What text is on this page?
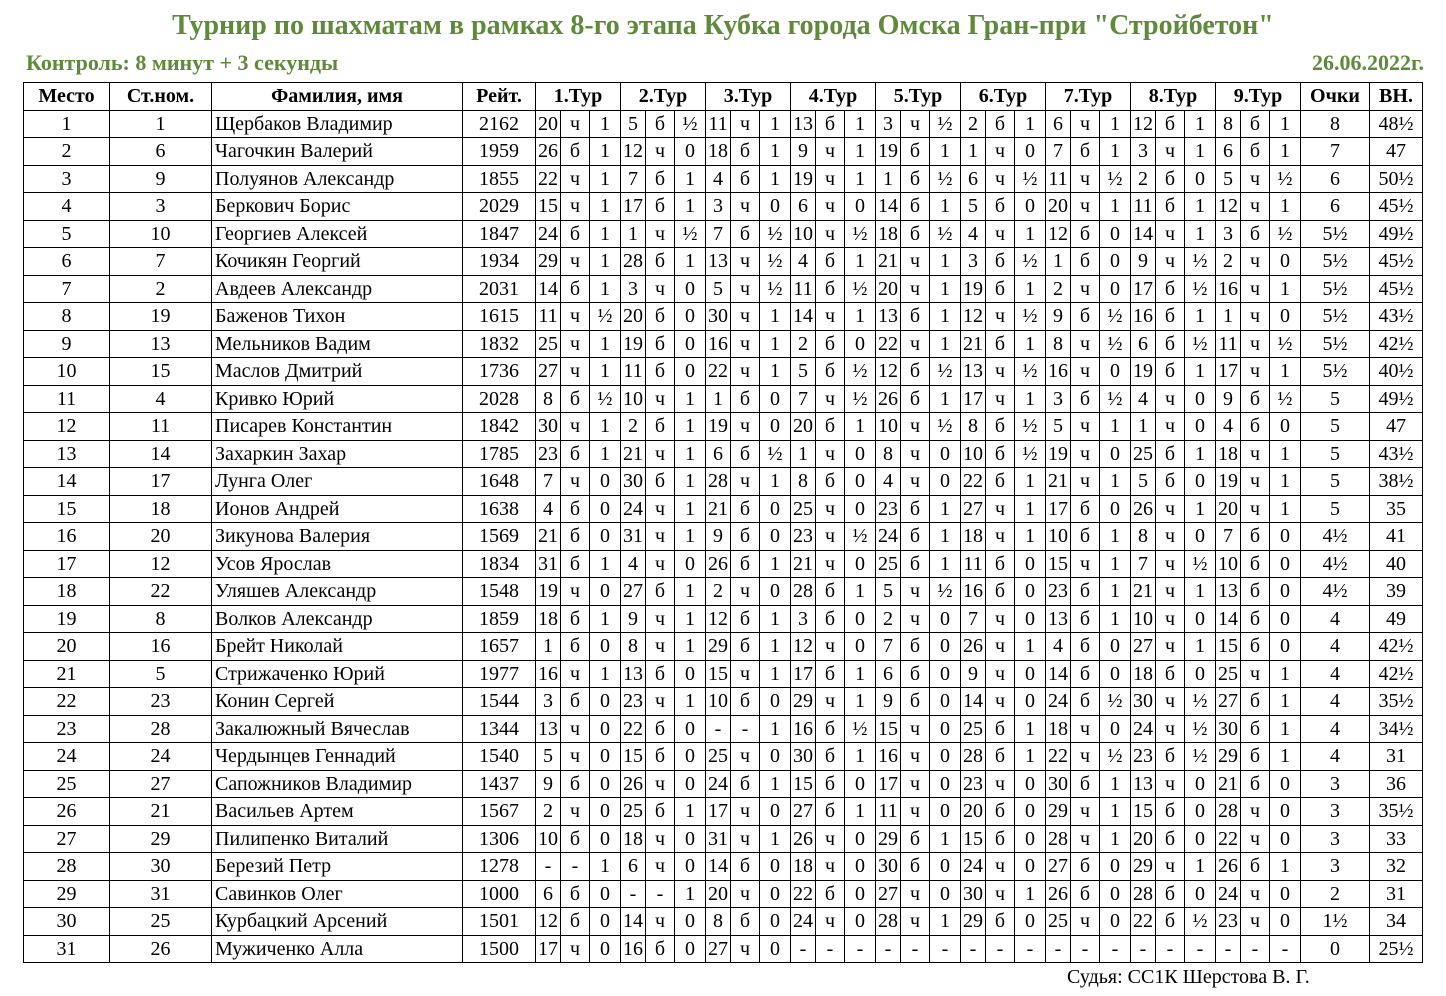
Турнир по шахматам в рамках 8-го этапа Кубка города Омска Гран-при "Стройбетон"
Контроль: 8 минут + 3 секунды	26.06.2022г.
Место	Ст.ном.	Фамилия, имя	Рейт.	1.Тур			2.Тур			3.Тур			4.Тур			5.Тур			6.Тур			7.Тур			8.Тур			9.Тур			Очки	ВН.
1	1	Щербаков Владимир	2162	20	ч	1	5	б	½	11	ч	1	13	б	1	3	ч	½	2	б	1	6	ч	1	12	б	1	8	б	1	8	48½
2	6	Чагочкин Валерий	1959	26	б	1	12	ч	0	18	б	1	9	ч	1	19	б	1	1	ч	0	7	б	1	3	ч	1	6	б	1	7	47
3	9	Полуянов Александр	1855	22	ч	1	7	б	1	4	б	1	19	ч	1	1	б	½	6	ч	½	11	ч	½	2	б	0	5	ч	½	6	50½
4	3	Беркович Борис	2029	15	ч	1	17	б	1	3	ч	0	6	ч	0	14	б	1	5	б	0	20	ч	1	11	б	1	12	ч	1	6	45½
5	10	Георгиев Алексей	1847	24	б	1	1	ч	½	7	б	½	10	ч	½	18	б	½	4	ч	1	12	б	0	14	ч	1	3	б	½	5½	49½
6	7	Кочикян Георгий	1934	29	ч	1	28	б	1	13	ч	½	4	б	1	21	ч	1	3	б	½	1	б	0	9	ч	½	2	ч	0	5½	45½
7	2	Авдеев Александр	2031	14	б	1	3	ч	0	5	ч	½	11	б	½	20	ч	1	19	б	1	2	ч	0	17	б	½	16	ч	1	5½	45½
8	19	Баженов Тихон	1615	11	ч	½	20	б	0	30	ч	1	14	ч	1	13	б	1	12	ч	½	9	б	½	16	б	1	1	ч	0	5½	43½
9	13	Мельников Вадим	1832	25	ч	1	19	б	0	16	ч	1	2	б	0	22	ч	1	21	б	1	8	ч	½	6	б	½	11	ч	½	5½	42½
10	15	Маслов Дмитрий	1736	27	ч	1	11	б	0	22	ч	1	5	б	½	12	б	½	13	ч	½	16	ч	0	19	б	1	17	ч	1	5½	40½
11	4	Кривко Юрий	2028	8	б	½	10	ч	1	1	б	0	7	ч	½	26	б	1	17	ч	1	3	б	½	4	ч	0	9	б	½	5	49½
12	11	Писарев Константин	1842	30	ч	1	2	б	1	19	ч	0	20	б	1	10	ч	½	8	б	½	5	ч	1	1	ч	0	4	б	0	5	47
13	14	Захаркин Захар	1785	23	б	1	21	ч	1	6	б	½	1	ч	0	8	ч	0	10	б	½	19	ч	0	25	б	1	18	ч	1	5	43½
14	17	Лунга Олег	1648	7	ч	0	30	б	1	28	ч	1	8	б	0	4	ч	0	22	б	1	21	ч	1	5	б	0	19	ч	1	5	38½
15	18	Ионов Андрей	1638	4	б	0	24	ч	1	21	б	0	25	ч	0	23	б	1	27	ч	1	17	б	0	26	ч	1	20	ч	1	5	35
16	20	Зикунова Валерия	1569	21	б	0	31	ч	1	9	б	0	23	ч	½	24	б	1	18	ч	1	10	б	1	8	ч	0	7	б	0	4½	41
17	12	Усов Ярослав	1834	31	б	1	4	ч	0	26	б	1	21	ч	0	25	б	1	11	б	0	15	ч	1	7	ч	½	10	б	0	4½	40
18	22	Уляшев Александр	1548	19	ч	0	27	б	1	2	ч	0	28	б	1	5	ч	½	16	б	0	23	б	1	21	ч	1	13	б	0	4½	39
19	8	Волков Александр	1859	18	б	1	9	ч	1	12	б	1	3	б	0	2	ч	0	7	ч	0	13	б	1	10	ч	0	14	б	0	4	49
20	16	Брейт Николай	1657	1	б	0	8	ч	1	29	б	1	12	ч	0	7	б	0	26	ч	1	4	б	0	27	ч	1	15	б	0	4	42½
21	5	Стрижаченко Юрий	1977	16	ч	1	13	б	0	15	ч	1	17	б	1	6	б	0	9	ч	0	14	б	0	18	б	0	25	ч	1	4	42½
22	23	Конин Сергей	1544	3	б	0	23	ч	1	10	б	0	29	ч	1	9	б	0	14	ч	0	24	б	½	30	ч	½	27	б	1	4	35½
23	28	Закалюжный Вячеслав	1344	13	ч	0	22	б	0	-	-	1	16	б	½	15	ч	0	25	б	1	18	ч	0	24	ч	½	30	б	1	4	34½
24	24	Чердынцев Геннадий	1540	5	ч	0	15	б	0	25	ч	0	30	б	1	16	ч	0	28	б	1	22	ч	½	23	б	½	29	б	1	4	31
25	27	Сапожников Владимир	1437	9	б	0	26	ч	0	24	б	1	15	б	0	17	ч	0	23	ч	0	30	б	1	13	ч	0	21	б	0	3	36
26	21	Васильев Артем	1567	2	ч	0	25	б	1	17	ч	0	27	б	1	11	ч	0	20	б	0	29	ч	1	15	б	0	28	ч	0	3	35½
27	29	Пилипенко Виталий	1306	10	б	0	18	ч	0	31	ч	1	26	ч	0	29	б	1	15	б	0	28	ч	1	20	б	0	22	ч	0	3	33
28	30	Березий Петр	1278	-	-	1	6	ч	0	14	б	0	18	ч	0	30	б	0	24	ч	0	27	б	0	29	ч	1	26	б	1	3	32
29	31	Савинков Олег	1000	6	б	0	-	-	1	20	ч	0	22	б	0	27	ч	0	30	ч	1	26	б	0	28	б	0	24	ч	0	2	31
30	25	Курбацкий Арсений	1501	12	б	0	14	ч	0	8	б	0	24	ч	0	28	ч	1	29	б	0	25	ч	0	22	б	½	23	ч	0	1½	34
31	26	Мужиченко Алла	1500	17	ч	0	16	б	0	27	ч	0	-	-	-	-	-	-	-	-	-	-	-	-	-	-	-	-	-	-	0	25½
Судья: СС1К Шерстова В. Г.
